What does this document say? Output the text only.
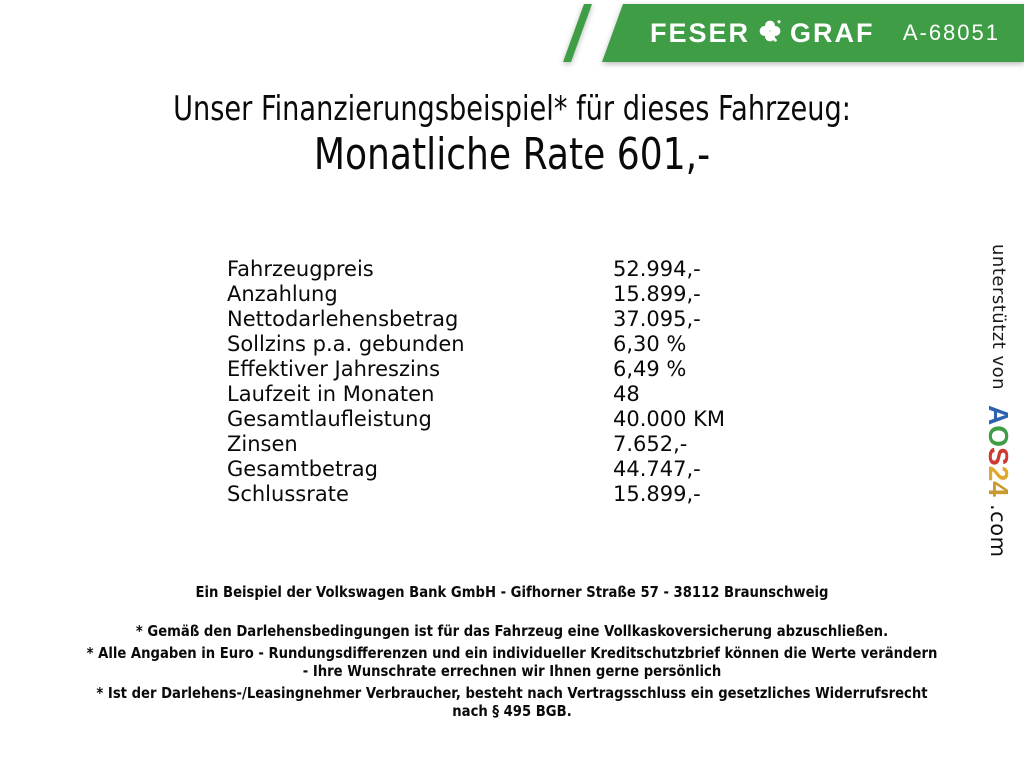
FESER GRAF A-68051
Unser Finanzierungsbeispiel* für dieses Fahrzeug:
Monatliche Rate 601,-
Fahrzeugpreis	52.994,-
Anzahlung	15.899,-
Nettodarlehensbetrag	37.095,-
Sollzins p.a. gebunden	6,30 %
Effektiver Jahreszins	6,49 %
Laufzeit in Monaten	48
Gesamtlaufleistung	40.000 KM
Zinsen	7.652,-
Gesamtbetrag	44.747,-
Schlussrate	15.899,-
unterstützt von AOS24.com
Ein Beispiel der Volkswagen Bank GmbH - Gifhorner Straße 57 - 38112 Braunschweig
* Gemäß den Darlehensbedingungen ist für das Fahrzeug eine Vollkaskoversicherung abzuschließen.
* Alle Angaben in Euro - Rundungsdifferenzen und ein individueller Kreditschutzbrief können die Werte verändern
- Ihre Wunschrate errechnen wir Ihnen gerne persönlich
* Ist der Darlehens-/Leasingnehmer Verbraucher, besteht nach Vertragsschluss ein gesetzliches Widerrufsrecht
nach § 495 BGB.
